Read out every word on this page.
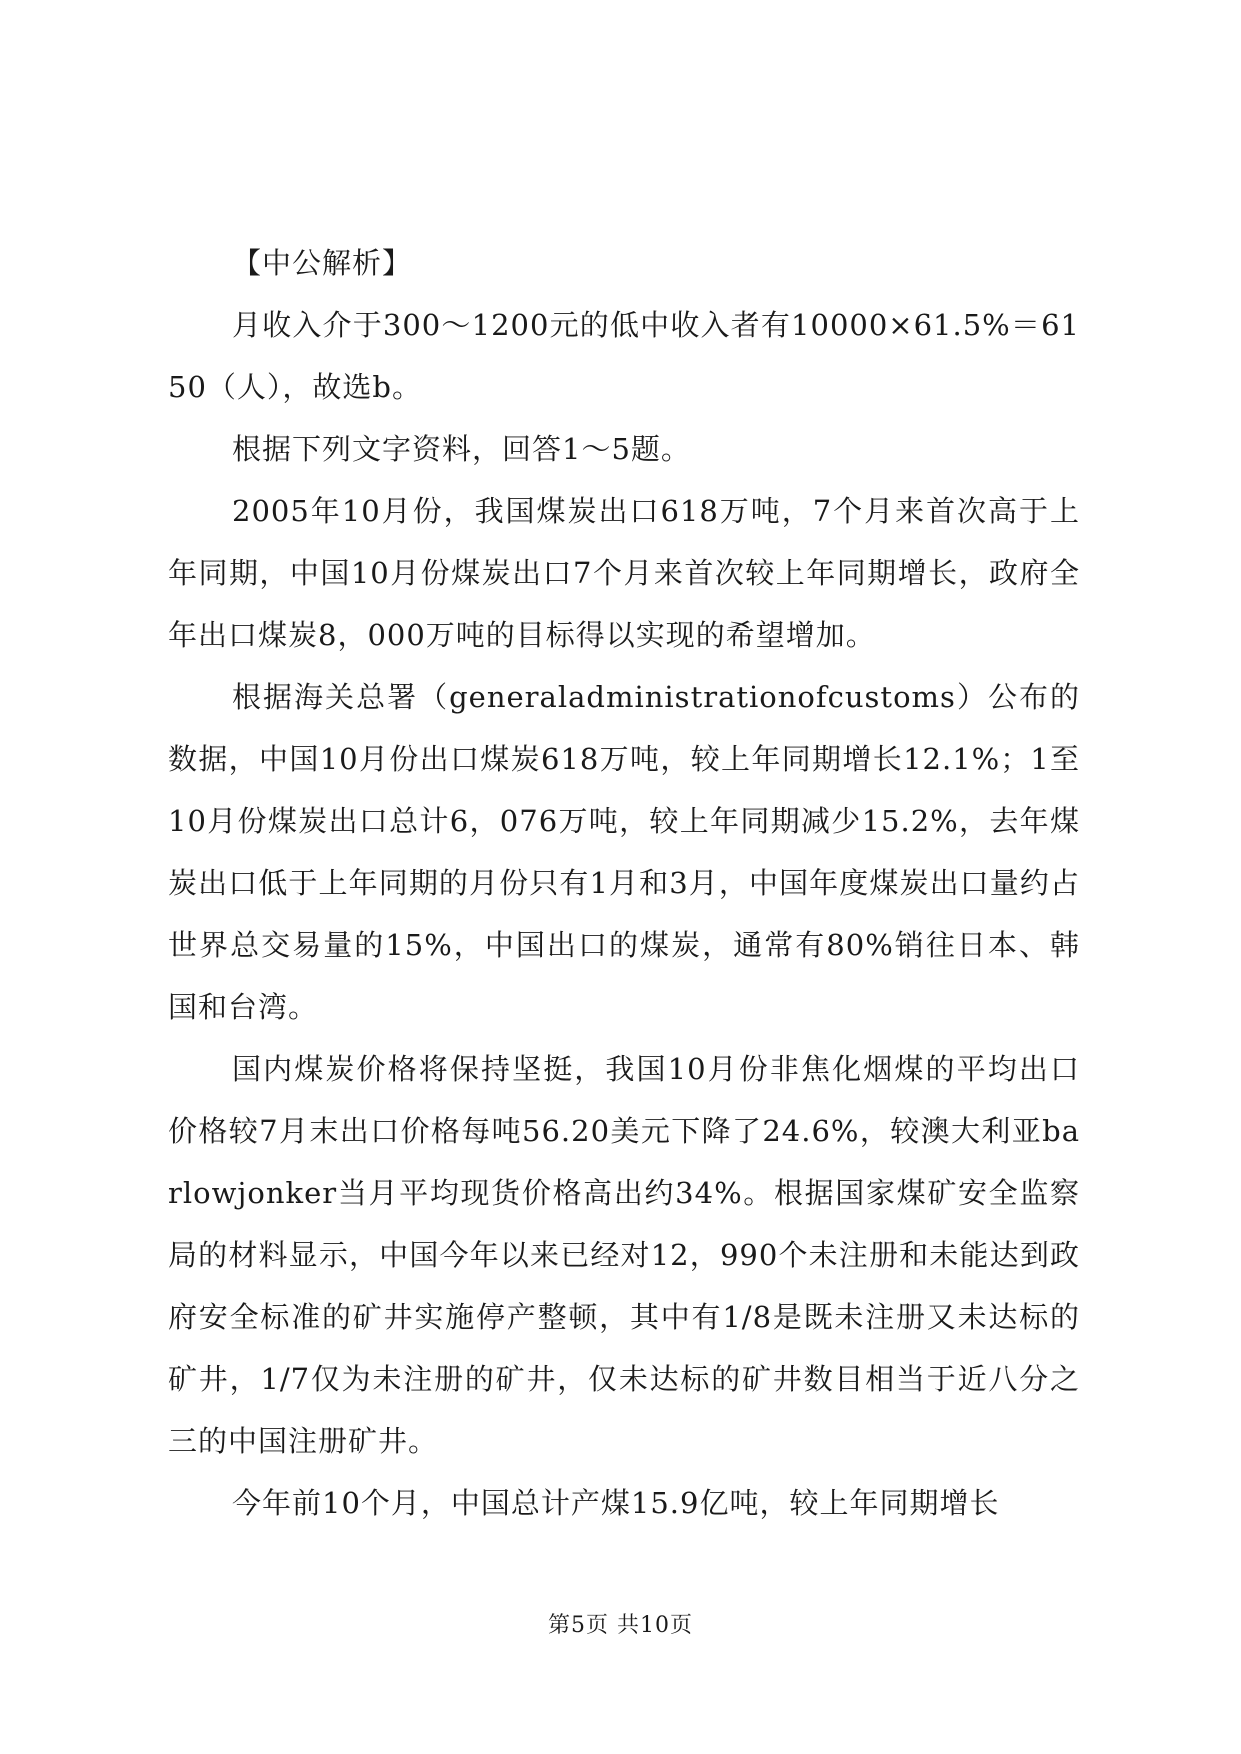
【中公解析】

月收入介于300～1200元的低中收入者有10000×61.5%＝6150（人），故选b。

根据下列文字资料，回答1～5题。

2005年10月份，我国煤炭出口618万吨，7个月来首次高于上年同期，中国10月份煤炭出口7个月来首次较上年同期增长，政府全年出口煤炭8，000万吨的目标得以实现的希望增加。

根据海关总署（generaladministrationofcustoms）公布的数据，中国10月份出口煤炭618万吨，较上年同期增长12.1%；1至10月份煤炭出口总计6，076万吨，较上年同期减少15.2%，去年煤炭出口低于上年同期的月份只有1月和3月，中国年度煤炭出口量约占世界总交易量的15%，中国出口的煤炭，通常有80%销往日本、韩国和台湾。

国内煤炭价格将保持坚挺，我国10月份非焦化烟煤的平均出口价格较7月末出口价格每吨56.20美元下降了24.6%，较澳大利亚barlowjonker当月平均现货价格高出约34%。根据国家煤矿安全监察局的材料显示，中国今年以来已经对12，990个未注册和未能达到政府安全标准的矿井实施停产整顿，其中有1/8是既未注册又未达标的矿井，1/7仅为未注册的矿井，仅未达标的矿井数目相当于近八分之三的中国注册矿井。

今年前10个月，中国总计产煤15.9亿吨，较上年同期增长

第5页 共10页
